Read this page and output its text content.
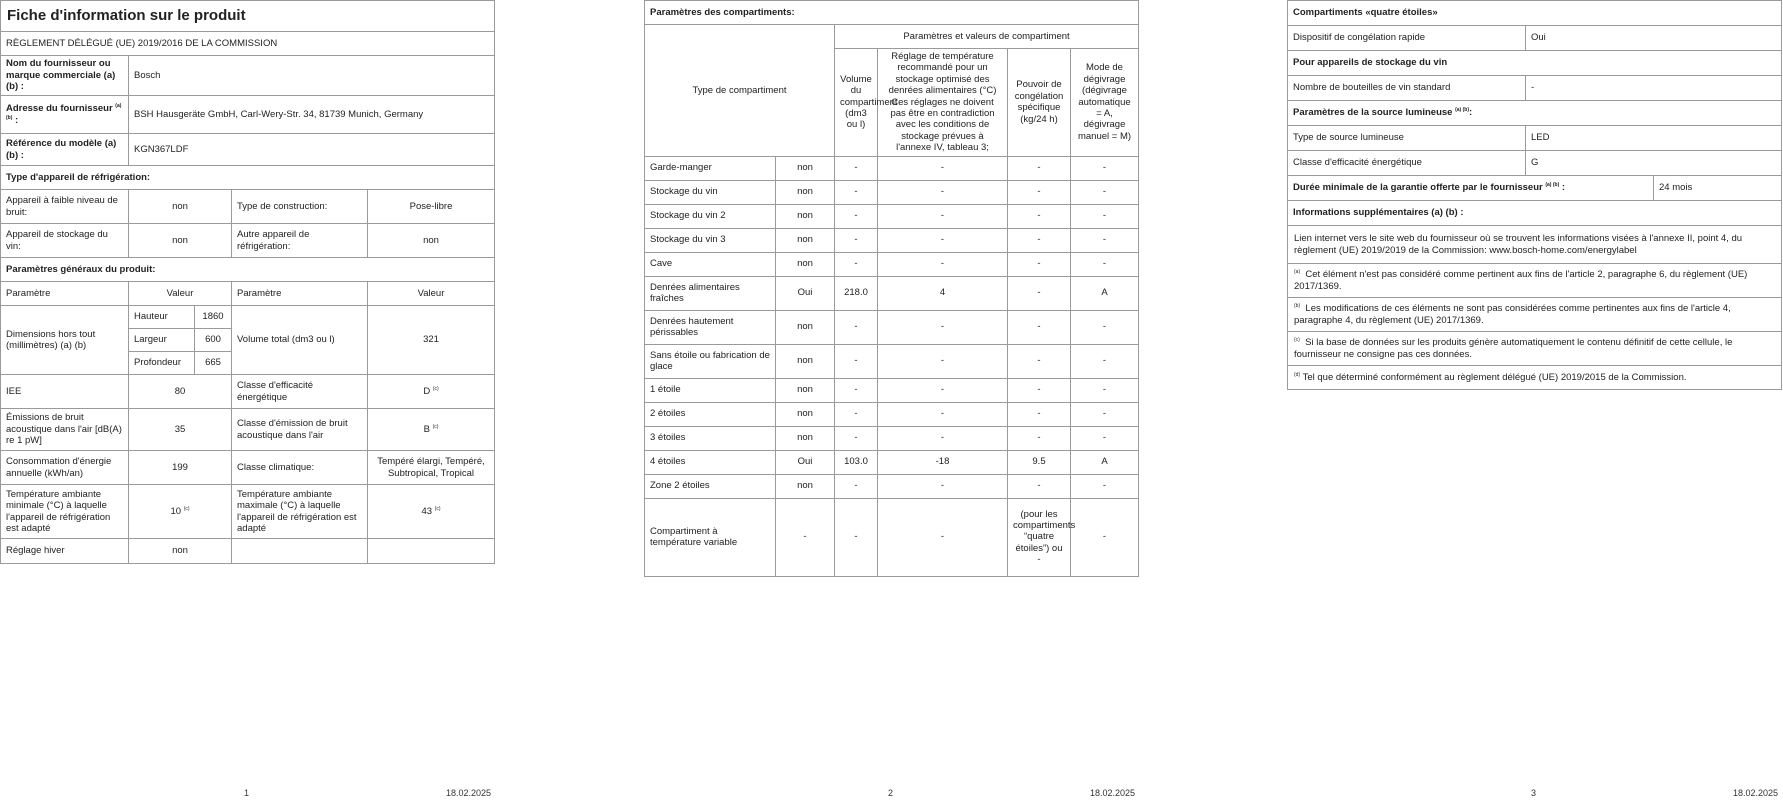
Fiche d'information sur le produit				
RÈGLEMENT DÉLÉGUÉ (UE) 2019/2016 DE LA COMMISSION				
Nom du fournisseur ou marque commerciale (a) (b) :	Bosch			
Adresse du fournisseur $^{(a) (b)}$ :	BSH Hausgeräte GmbH, Carl-Wery-Str. 34, 81739 Munich, Germany			
Référence du modèle (a) (b) :	KGN367LDF			
Type d'appareil de réfrigération:				
Appareil à faible niveau de bruit:	non		Type de construction:	Pose-libre
Appareil de stockage du vin:	non		Autre appareil de réfrigération:	non
Paramètres généraux du produit:				
Paramètre	Valeur		Paramètre	Valeur
Dimensions hors tout (millimètres) (a) (b)	Hauteur	1860	Volume total (dm3 ou l)	321
	Largeur	600		
	Profondeur	665		
IEE	80		Classe d'efficacité énergétique	D $^{(c)}$
Émissions de bruit acoustique dans l'air [dB(A) re 1 pW]	35		Classe d'émission de bruit acoustique dans l'air	B $^{(c)}$
Consommation d'énergie annuelle (kWh/an)	199		Classe climatique:	Tempéré élargi, Tempéré, Subtropical, Tropical
Température ambiante minimale (°C) à laquelle l'appareil de réfrigération est adapté	10 $^{(c)}$		Température ambiante maximale (°C) à laquelle l'appareil de réfrigération est adapté	43 $^{(c)}$
Réglage hiver	non			
1	18.02.2025
Paramètres des compartiments:					
Type de compartiment		Paramètres et valeurs de compartiment			
		Volume du compartiment (dm3 ou l)	Réglage de température recommandé pour un stockage optimisé des denrées alimentaires (°C) Ces réglages ne doivent pas être en contradiction avec les conditions de stockage prévues à l'annexe IV, tableau 3;	Pouvoir de congélation spécifique (kg/24 h)	Mode de dégivrage (dégivrage automatique = A, dégivrage manuel = M)
Garde-manger	non	-	-	-	-
Stockage du vin	non	-	-	-	-
Stockage du vin 2	non	-	-	-	-
Stockage du vin 3	non	-	-	-	-
Cave	non	-	-	-	-
Denrées alimentaires fraîches	Oui	218.0	4	-	A
Denrées hautement périssables	non	-	-	-	-
Sans étoile ou fabrication de glace	non	-	-	-	-
1 étoile	non	-	-	-	-
2 étoiles	non	-	-	-	-
3 étoiles	non	-	-	-	-
4 étoiles	Oui	103.0	-18	9.5	A
Zone 2 étoiles	non	-	-	-	-
Compartiment à température variable	-	-	-	(pour les compartiments “quatre étoiles”) ou -	-
2	18.02.2025
Compartiments «quatre étoiles»		
Dispositif de congélation rapide	Oui	
Pour appareils de stockage du vin		
Nombre de bouteilles de vin standard	-	
Paramètres de la source lumineuse $^{(a) (b)}$:		
Type de source lumineuse	LED	
Classe d'efficacité énergétique	G	
Durée minimale de la garantie offerte par le fournisseur $^{(a) (b)}$ :		24 mois
Informations supplémentaires (a) (b) :		
Lien internet vers le site web du fournisseur où se trouvent les informations visées à l'annexe II, point 4, du règlement (UE) 2019/2019 de la Commission: www.bosch-home.com/energylabel		
$^{(a)}$ Cet élément n'est pas considéré comme pertinent aux fins de l'article 2, paragraphe 6, du règlement (UE) 2017/1369.		
$^{(b)}$ Les modifications de ces éléments ne sont pas considérées comme pertinentes aux fins de l'article 4, paragraphe 4, du règlement (UE) 2017/1369.		
$^{(c)}$ Si la base de données sur les produits génère automatiquement le contenu définitif de cette cellule, le fournisseur ne consigne pas ces données.		
$^{(d)}$ Tel que déterminé conformément au règlement délégué (UE) 2019/2015 de la Commission.		
3	18.02.2025
